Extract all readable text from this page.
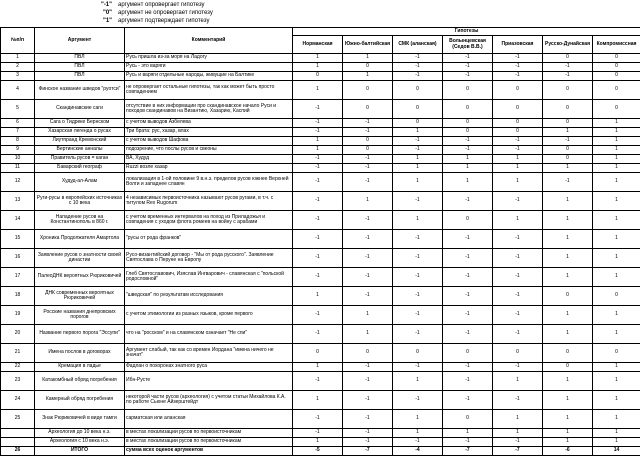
"-1" аргумент опровергает гипотезу
"0" аргумент не опровергает гипотезу
"1" аргумент подтверждает гипотезу
№п/п	Аргумент	Комментарий	Гипотезы						
			Норманская	Южно-балтийская	СМК (аланская)	Волынцевская (Седов В.В.)	Приазовская	Русско-Дунайская	Компромиссная
1	ПВЛ	Русь пришла из-за моря на Ладогу	1	1	-1	-1	-1	0	0
2	ПВЛ	Русь - это варяги	1	0	-1	-1	-1	-1	0
3	ПВЛ	Русь и варяги отдельные народы, живущие на Балтике	0	1	-1	-1	-1	-1	0
4	Финское название шведов "руотси"	не опровергает остальные гипотезы, так как может быть просто совпадением	1	0	0	0	0	0	0
5	Скандинавские саги	отсутствие в них информации про скандинавское начало Руси и походов скандинавов на Византию, Хазарию, Каспий	-1	0	0	0	0	0	0
6	Сага о Тидреке Бернском	с учетом выводов Азбелева	-1	-1	0	0	0	0	1
7	Хазарская легенда о русах	Три брата: рус, хазар, влах	-1	-1	1	0	0	1	1
8	Лиутпранд Кремонский	с учетом выводов Шафова	1	0	-1	-1	-1	-1	1
9	Вертинские анналы	подозрение, что послы русов и свеоны	1	0	-1	-1	-1	0	1
10	Правитель русов = каган	ВА, Худуд	-1	-1	1	1	1	0	1
11	Баварский географ	Ruzzi возле хазар	-1	-1	1	1	1	1	1
12	Худуд-ал-Алам	локализация в 1-ой половине 9 в.н.э. пределов русов южнее Верхней Волги и западнее славян	-1	-1	1	1	1	-1	1
13	Руги-русы в европейских источниках с 10 века	4 независимых первоисточника называют русов ругами, в т.ч. с титулом Rex Rugorum	-1	1	-1	-1	-1	1	1
14	Нападение русов на Константинополь в 860 г.	с учетом временных интервалов на поход из Приладожья и совпадения с уходом флота ромеев на войну с арабами	-1	-1	1	0	1	1	1
15	Хроника Продолжателя Амартола	"русы от рода франков"	-1	-1	-1	-1	-1	1	1
16	Заявление русов о знатности своей династии	Русо-византийский договор - "Мы от рода русского". Заявление Святослава о Перуне на Европу	-1	-1	-1	-1	-1	1	1
17	ПалеоДНК вероятных Рюриковичей	Глеб Святославович, Изяслав Ингварович - славянская с "польской родословной"	-1	-1	-1	-1	-1	1	1
18	ДНК современных вероятных Рюриковичей	"шведская" по результатам исследования	1	-1	-1	-1	-1	0	0
19	Росские названия днепровских порогов	с учетом этимологии из разных языков, кроме первого	-1	1	-1	-1	-1	1	1
20	Название первого порога "Эссупи"	что на "росском" и на славянском означает "Не спи"	-1	1	-1	-1	-1	1	1
21	Имена послов в договорах	Аргумент слабый, так как со времен Иордана "имена ничего не значат"	0	0	0	0	0	0	0
22	Кремация в ладье	Фадлан о похоронах знатного руса	1	-1	-1	-1	-1	0	1
23	Катакомбный обряд погребения	Ибн-Русте	-1	-1	1	-1	1	1	1
24	Камерный обряд погребения	некоторой части русов (археология) с учетом статьи Михайлова К.А. по работе Сьюне Айзерштейдт	1	-1	-1	-1	-1	1	1
25	Знак Рюриковичей в виде тамги	сарматская или аланская	-1	-1	1	0	1	1	1
	Археология до 10 века н.э.	в местах локализации русов по первоисточникам	-1	-1	1	1	1	1	1
	Археология с 10 века н.э.	в местах локализации русов по первоисточникам	1	-1	-1	-1	-1	1	1
26	ИТОГО	сумма всех оценок аргументов	-5	-7	-4	-7	-7	-6	14
